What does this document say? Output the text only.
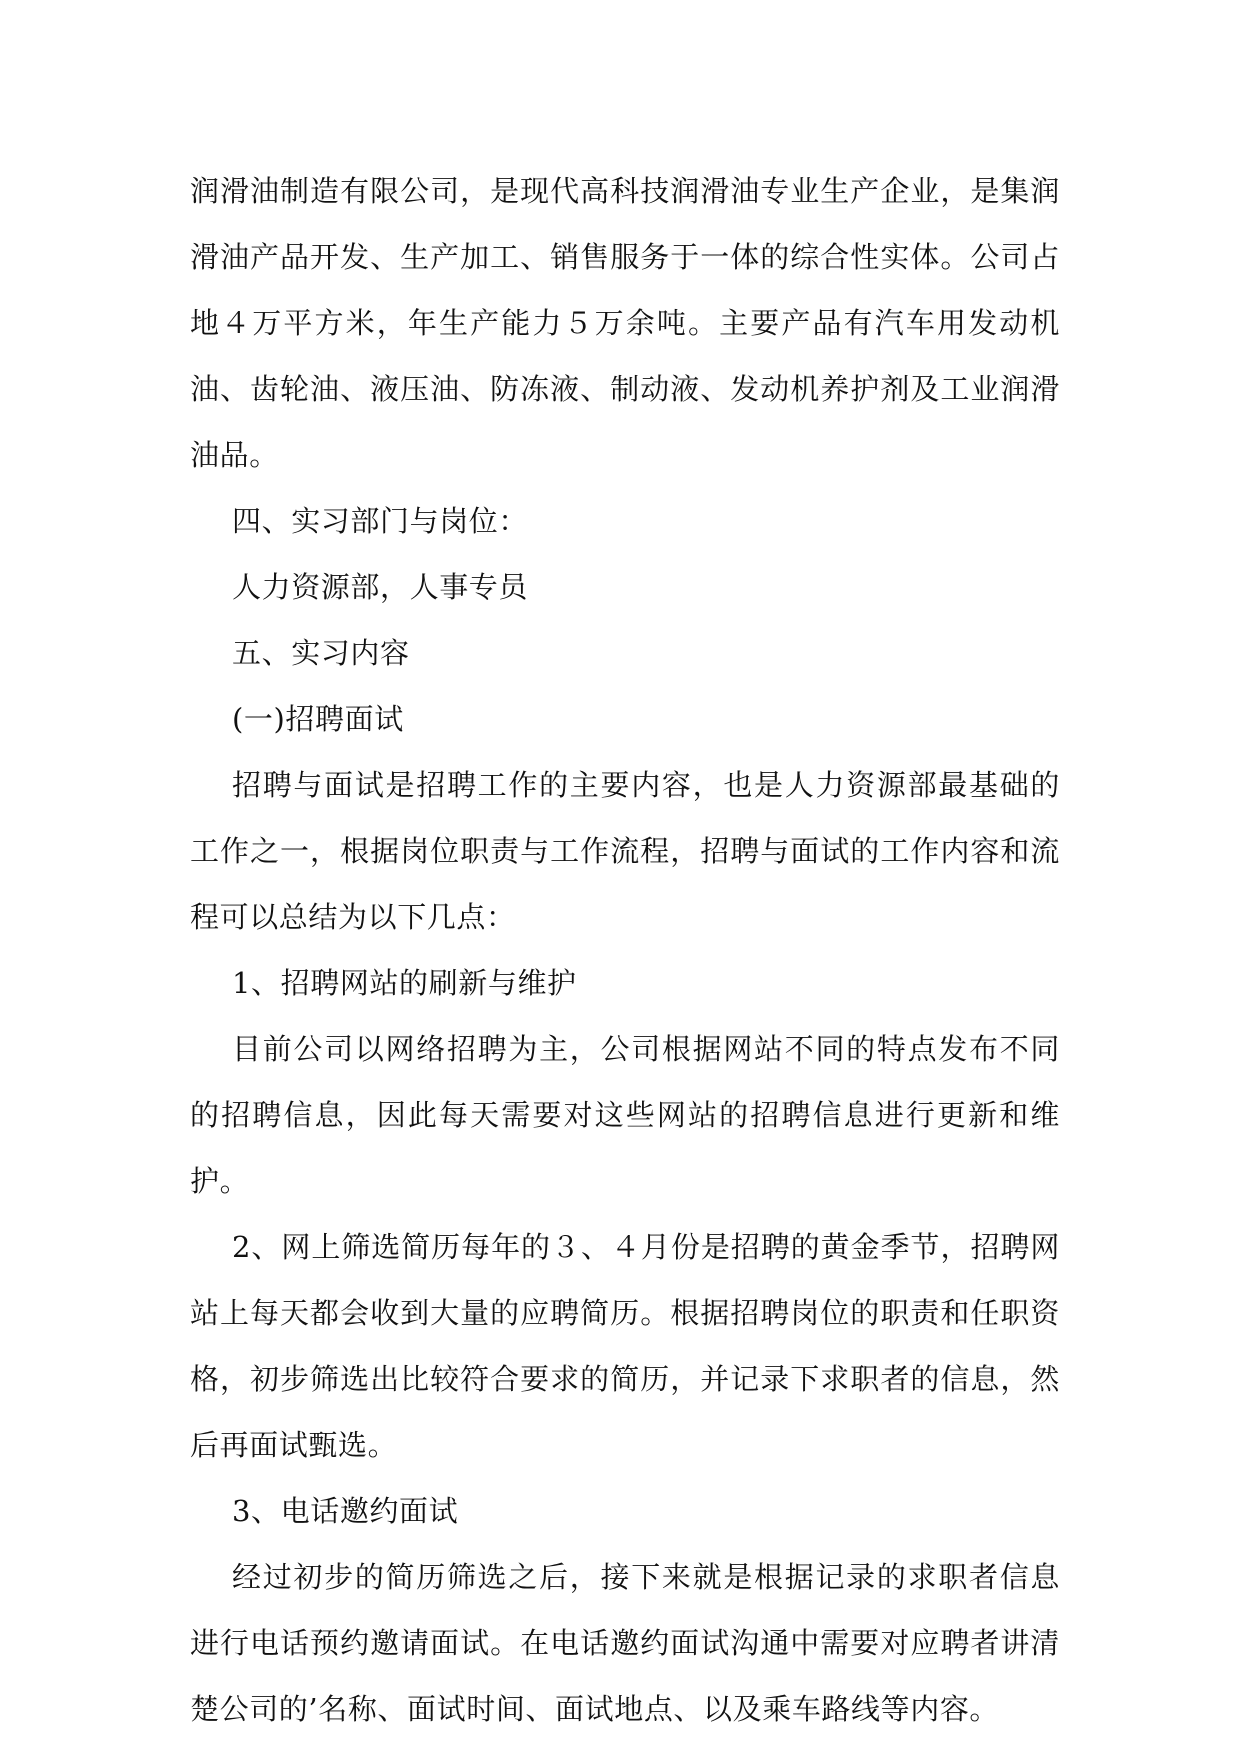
润滑油制造有限公司，是现代高科技润滑油专业生产企业，是集润滑油产品开发、生产加工、销售服务于一体的综合性实体。公司占地４万平方米，年生产能力５万余吨。主要产品有汽车用发动机油、齿轮油、液压油、防冻液、制动液、发动机养护剂及工业润滑油品。

四、实习部门与岗位：

人力资源部，人事专员

五、实习内容

(一)招聘面试

招聘与面试是招聘工作的主要内容，也是人力资源部最基础的工作之一，根据岗位职责与工作流程，招聘与面试的工作内容和流程可以总结为以下几点：

1、招聘网站的刷新与维护

目前公司以网络招聘为主，公司根据网站不同的特点发布不同的招聘信息，因此每天需要对这些网站的招聘信息进行更新和维护。

2、网上筛选简历每年的３、４月份是招聘的黄金季节，招聘网站上每天都会收到大量的应聘简历。根据招聘岗位的职责和任职资格，初步筛选出比较符合要求的简历，并记录下求职者的信息，然后再面试甄选。

3、电话邀约面试

经过初步的简历筛选之后，接下来就是根据记录的求职者信息进行电话预约邀请面试。在电话邀约面试沟通中需要对应聘者讲清楚公司的’名称、面试时间、面试地点、以及乘车路线等内容。
